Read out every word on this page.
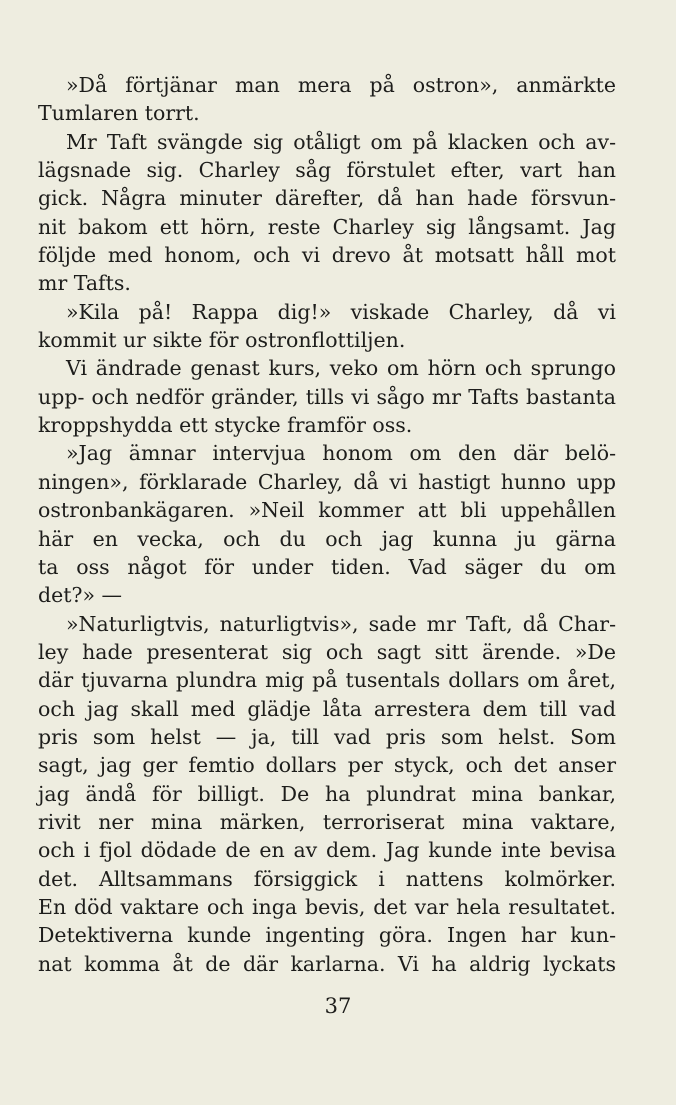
»Då förtjänar man mera på ostron», anmärkte
Tumlaren torrt.
Mr Taft svängde sig otåligt om på klacken och av-
lägsnade sig. Charley såg förstulet efter, vart han
gick. Några minuter därefter, då han hade försvun-
nit bakom ett hörn, reste Charley sig långsamt. Jag
följde med honom, och vi drevo åt motsatt håll mot
mr Tafts.
»Kila på! Rappa dig!» viskade Charley, då vi
kommit ur sikte för ostronflottiljen.
Vi ändrade genast kurs, veko om hörn och sprungo
upp- och nedför gränder, tills vi sågo mr Tafts bastanta
kroppshydda ett stycke framför oss.
»Jag ämnar intervjua honom om den där belö-
ningen», förklarade Charley, då vi hastigt hunno upp
ostronbankägaren. »Neil kommer att bli uppehållen
här en vecka, och du och jag kunna ju gärna
ta oss något för under tiden. Vad säger du om
det?» —
»Naturligtvis, naturligtvis», sade mr Taft, då Char-
ley hade presenterat sig och sagt sitt ärende. »De
där tjuvarna plundra mig på tusentals dollars om året,
och jag skall med glädje låta arrestera dem till vad
pris som helst — ja, till vad pris som helst. Som
sagt, jag ger femtio dollars per styck, och det anser
jag ändå för billigt. De ha plundrat mina bankar,
rivit ner mina märken, terroriserat mina vaktare,
och i fjol dödade de en av dem. Jag kunde inte bevisa
det. Alltsammans försiggick i nattens kolmörker.
En död vaktare och inga bevis, det var hela resultatet.
Detektiverna kunde ingenting göra. Ingen har kun-
nat komma åt de där karlarna. Vi ha aldrig lyckats
37
